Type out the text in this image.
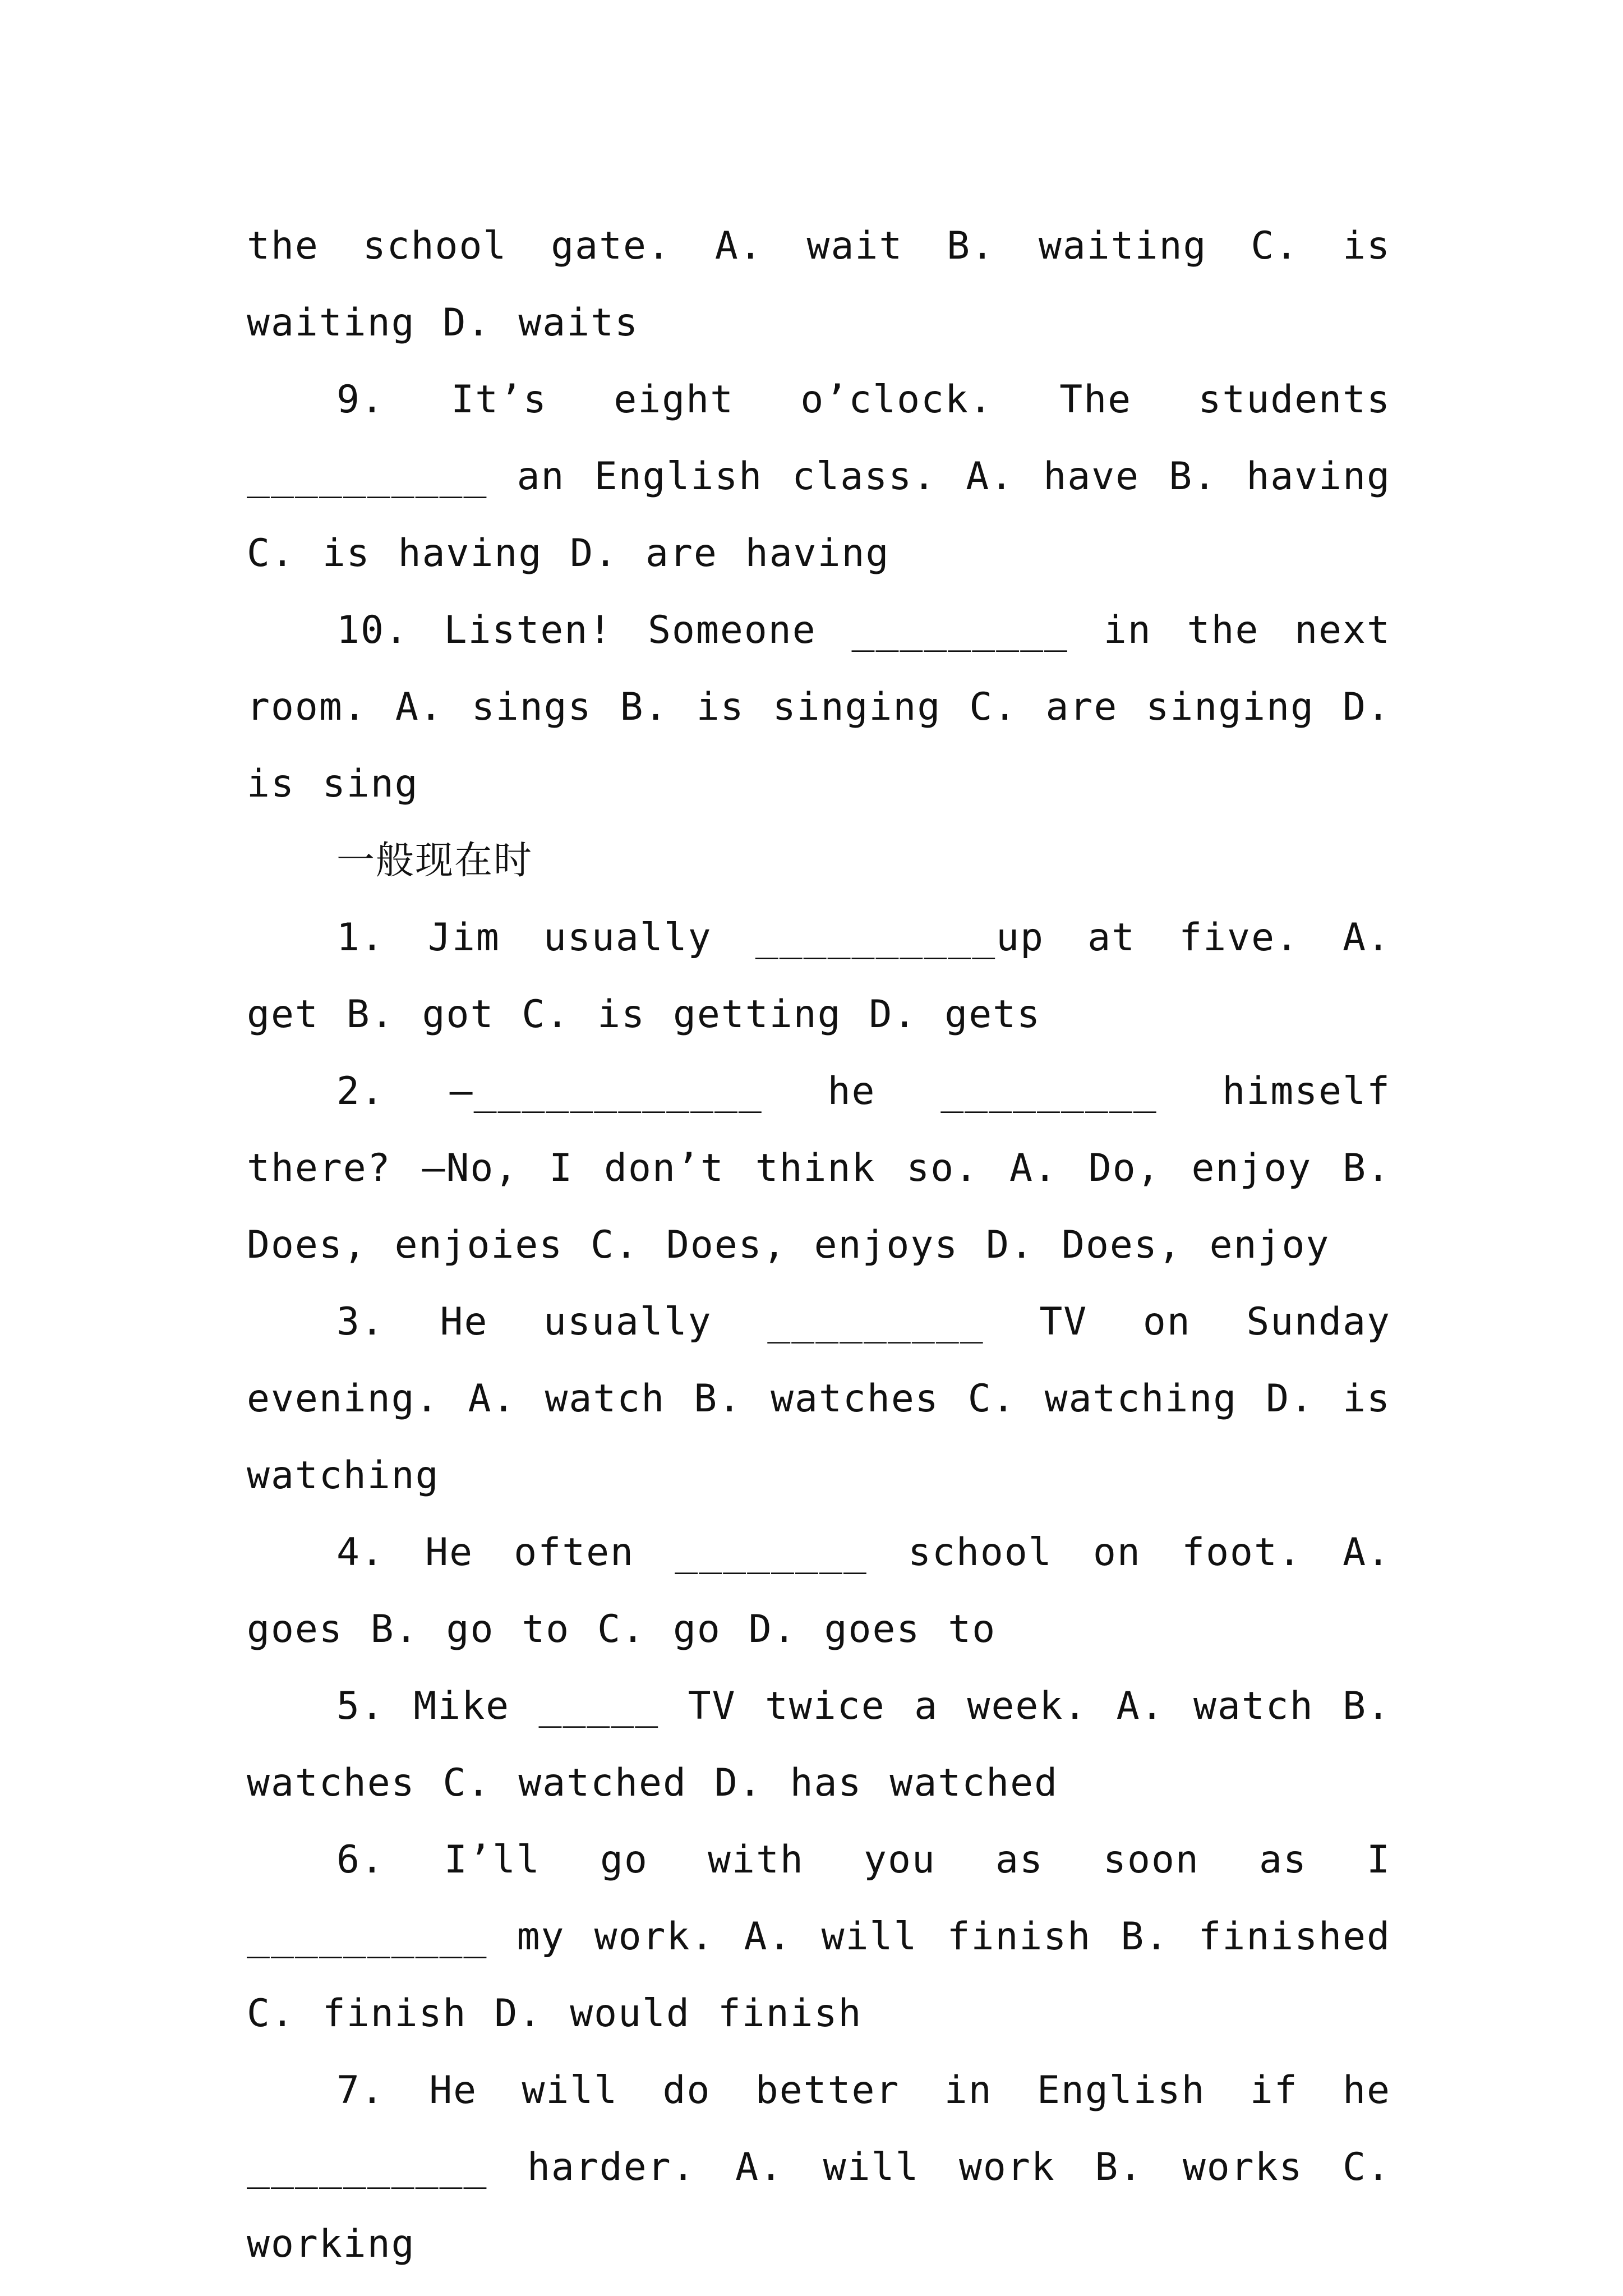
the school gate. A. wait B. waiting C. is waiting D. waits
9. It’s eight o’clock. The students __________ an English class. A. have B. having C. is having D. are having
10. Listen! Someone _________ in the next room. A. sings B. is singing C. are singing D. is sing
一般现在时
1. Jim usually __________up at five. A. get B. got C. is getting D. gets
2. —____________ he _________ himself there? —No, I don’t think so. A. Do, enjoy B. Does, enjoies C. Does, enjoys D. Does, enjoy
3. He usually _________ TV on Sunday evening. A. watch B. watches C. watching D. is watching
4. He often ________ school on foot. A. goes B. go to C. go D. goes to
5. Mike _____ TV twice a week. A. watch B. watches C. watched D. has watched
6. I’ll go with you as soon as I __________ my work. A. will finish B. finished C. finish D. would finish
7. He will do better in English if he __________ harder. A. will work B. works C. working
